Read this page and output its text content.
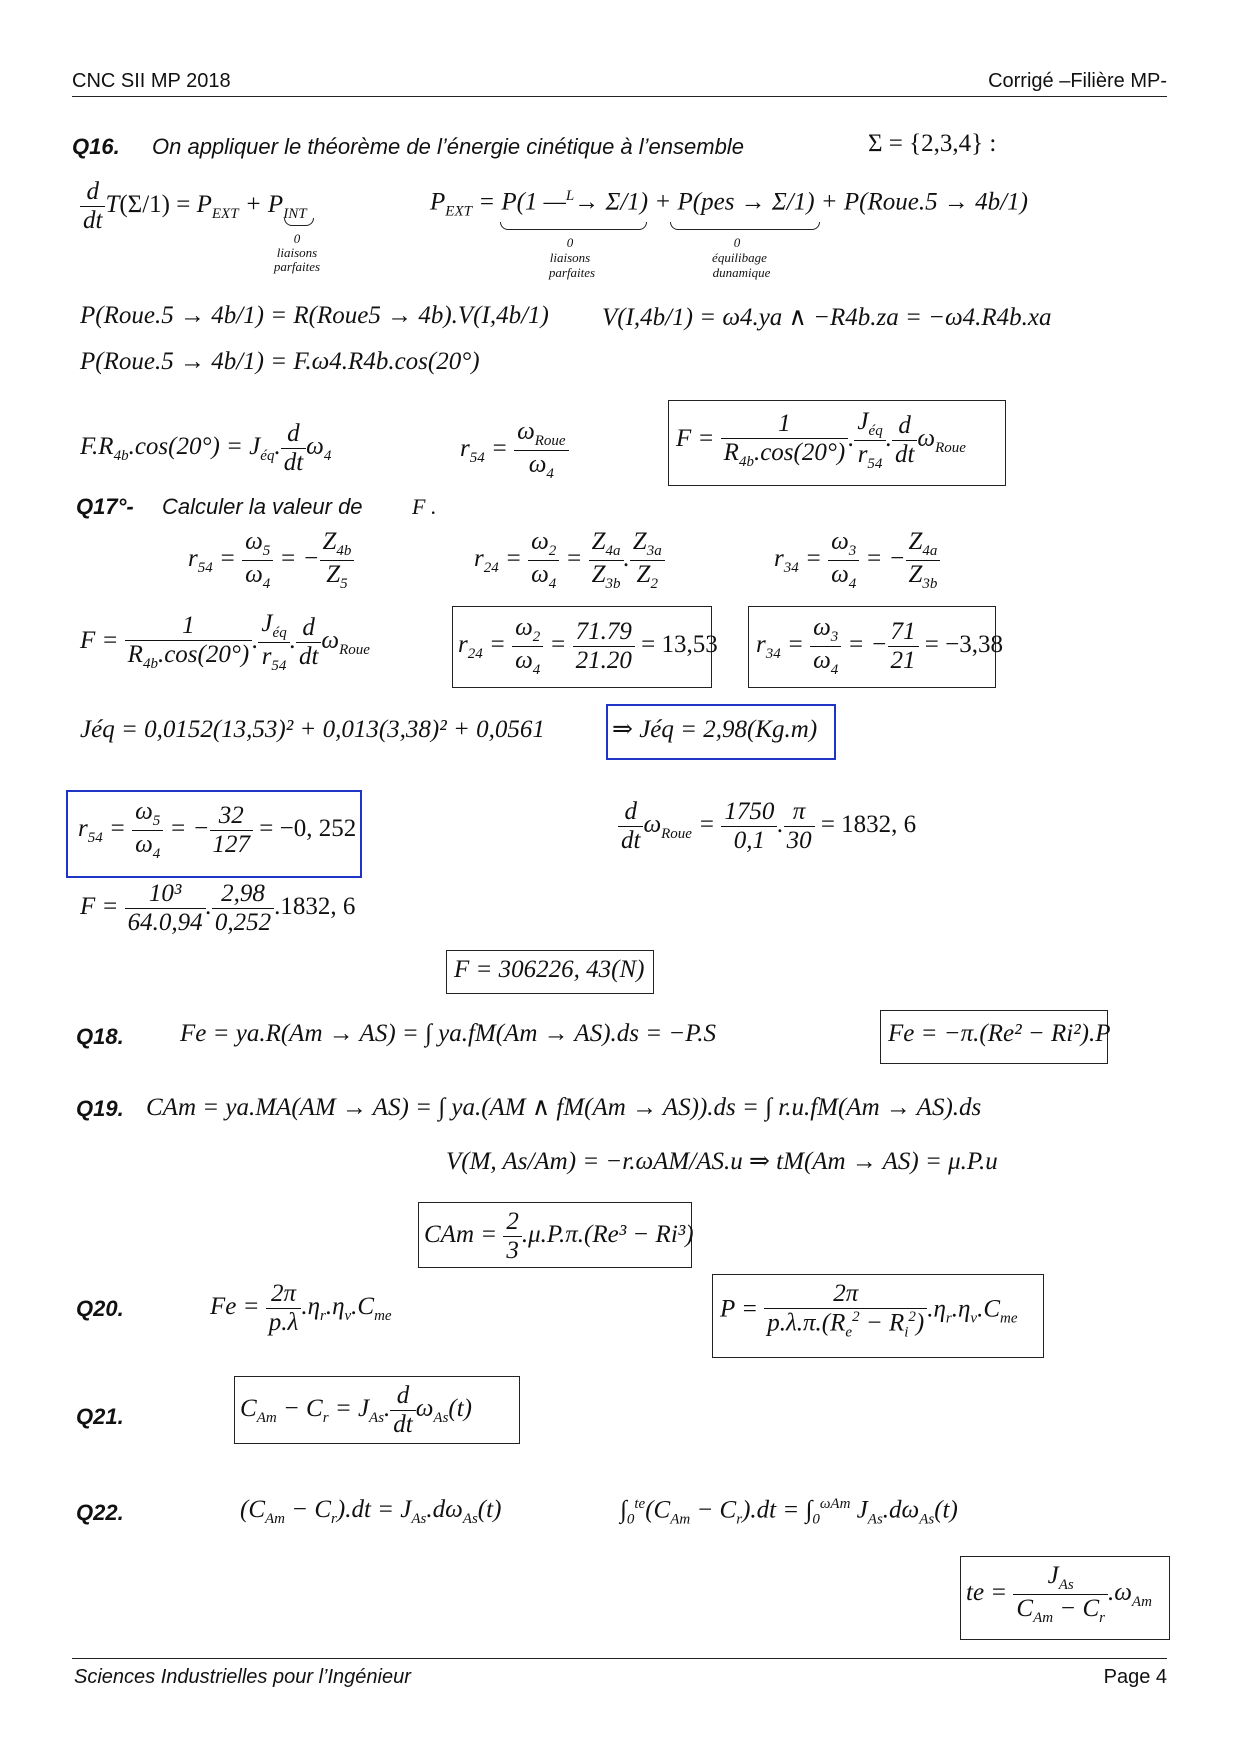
CNC SII MP 2018	Corrigé –Filière MP-
Q16. On appliquer le théorème de l’énergie cinétique à l’ensemble	Σ = {2,3,4} :
$\frac{d}{dt} T(\Sigma/1) = P_{EXT} + P_{INT}$
0
liaisons
parfaites
$P_{EXT} = P(1$ —$^L$→ Σ/1) + P(pes → Σ/1) + P(Roue.5 → 4b/1)
0
liaisons
parfaites
0
équilibage
dunamique
P(Roue.5 → 4b/1) = R(Roue5 → 4b).V(I,4b/1) V(I,4b/1) = ω4.ya ∧ −R4b.za = −ω4.R4b.xa
P(Roue.5 → 4b/1) = F.ω4.R4b.cos(20°)
$F.R_{4b}.\cos(20^\circ) = J_{éq}$. $\frac{d}{dt} \omega_4$	$r_{54} = \frac{\omega_{Roue}}{\omega_4}$	$F = \frac{1}{R_{4b}.\cos(20^\circ)}$ . $\frac{J_{éq}}{r_{54}}$ . $\frac{d}{dt} \omega_{Roue}$
Q17°- Calculer la valeur de F .
$r_{54} = \frac{\omega_5}{\omega_4}$ = − $\frac{Z_{4b}}{Z_5}$	$r_{24} = \frac{\omega_2}{\omega_4} = \frac{Z_{4a}}{Z_{3b}}$ . $\frac{Z_{3a}}{Z_2}$	$r_{34} = \frac{\omega_3}{\omega_4}$ = − $\frac{Z_{4a}}{Z_{3b}}$
$F = \frac{1}{R_{4b}.\cos(20^\circ)}$ . $\frac{J_{éq}}{r_{54}}$ . $\frac{d}{dt} \omega_{Roue}$	$r_{24} = \frac{\omega_2}{\omega_4} = \frac{71.79}{21.20} = 13,53$ $r_{34} = \frac{\omega_3}{\omega_4}$ = − $\frac{71}{21} = -3,38$
Jéq = 0,0152(13,53)² + 0,013(3,38)² + 0,0561	⇒ Jéq = 2,98(Kg.m)
$r_{54} = \frac{\omega_5}{\omega_4}$ = − $\frac{32}{127} = -0$, 252	$\frac{d}{dt} \omega_{Roue} = \frac{1750}{0,1}$ . $\frac{\pi}{30} = 1832$, 6
$F = \frac{\text{10³}}{64.0,94}$ . $\frac{2,98}{0,252} .1832$, 6
F = 306226, 43(N)
Q18. Fe = ya.R(Am → AS) = ∫ ya.fM(Am → AS).ds = −P.S	Fe = −π.(Re² − Ri²).P
Q19. CAm = ya.MA(AM → AS) = ∫ ya.(AM ∧ fM(Am → AS)).ds = ∫ r.u.fM(Am → AS).ds
V(M, As/Am) = −r.ωAM/AS.u ⇒ tM(Am → AS) = μ.P.u
CAm = $\frac{2}{3} .\mu.P.\pi.(Re^3 - Ri^3)$
Q20.	$Fe = \frac{2\pi}{p.\lambda} .\eta_r.\eta_v.C_{me}$	$P = \frac{2\pi}{p.\lambda.\pi.(R_e^2 - R_i^2)} .\eta_r.\eta_v.C_{me}$
Q21.	$C_{Am} - C_r = J_{As}$. $\frac{d}{dt} \omega_{As}(t)$
Q22.	$(C_{Am} - C_r).dt = J_{As}.d\omega_{As}(t)$	$\int_0^{te}(C_{Am} - C_r).dt = \int_0^{\omega Am}$ $J_{As}.d\omega_{As}(t)$
te = $\frac{J_{As}}{C_{Am} - C_r} .\omega_{Am}$
Sciences Industrielles pour l’Ingénieur	Page 4
